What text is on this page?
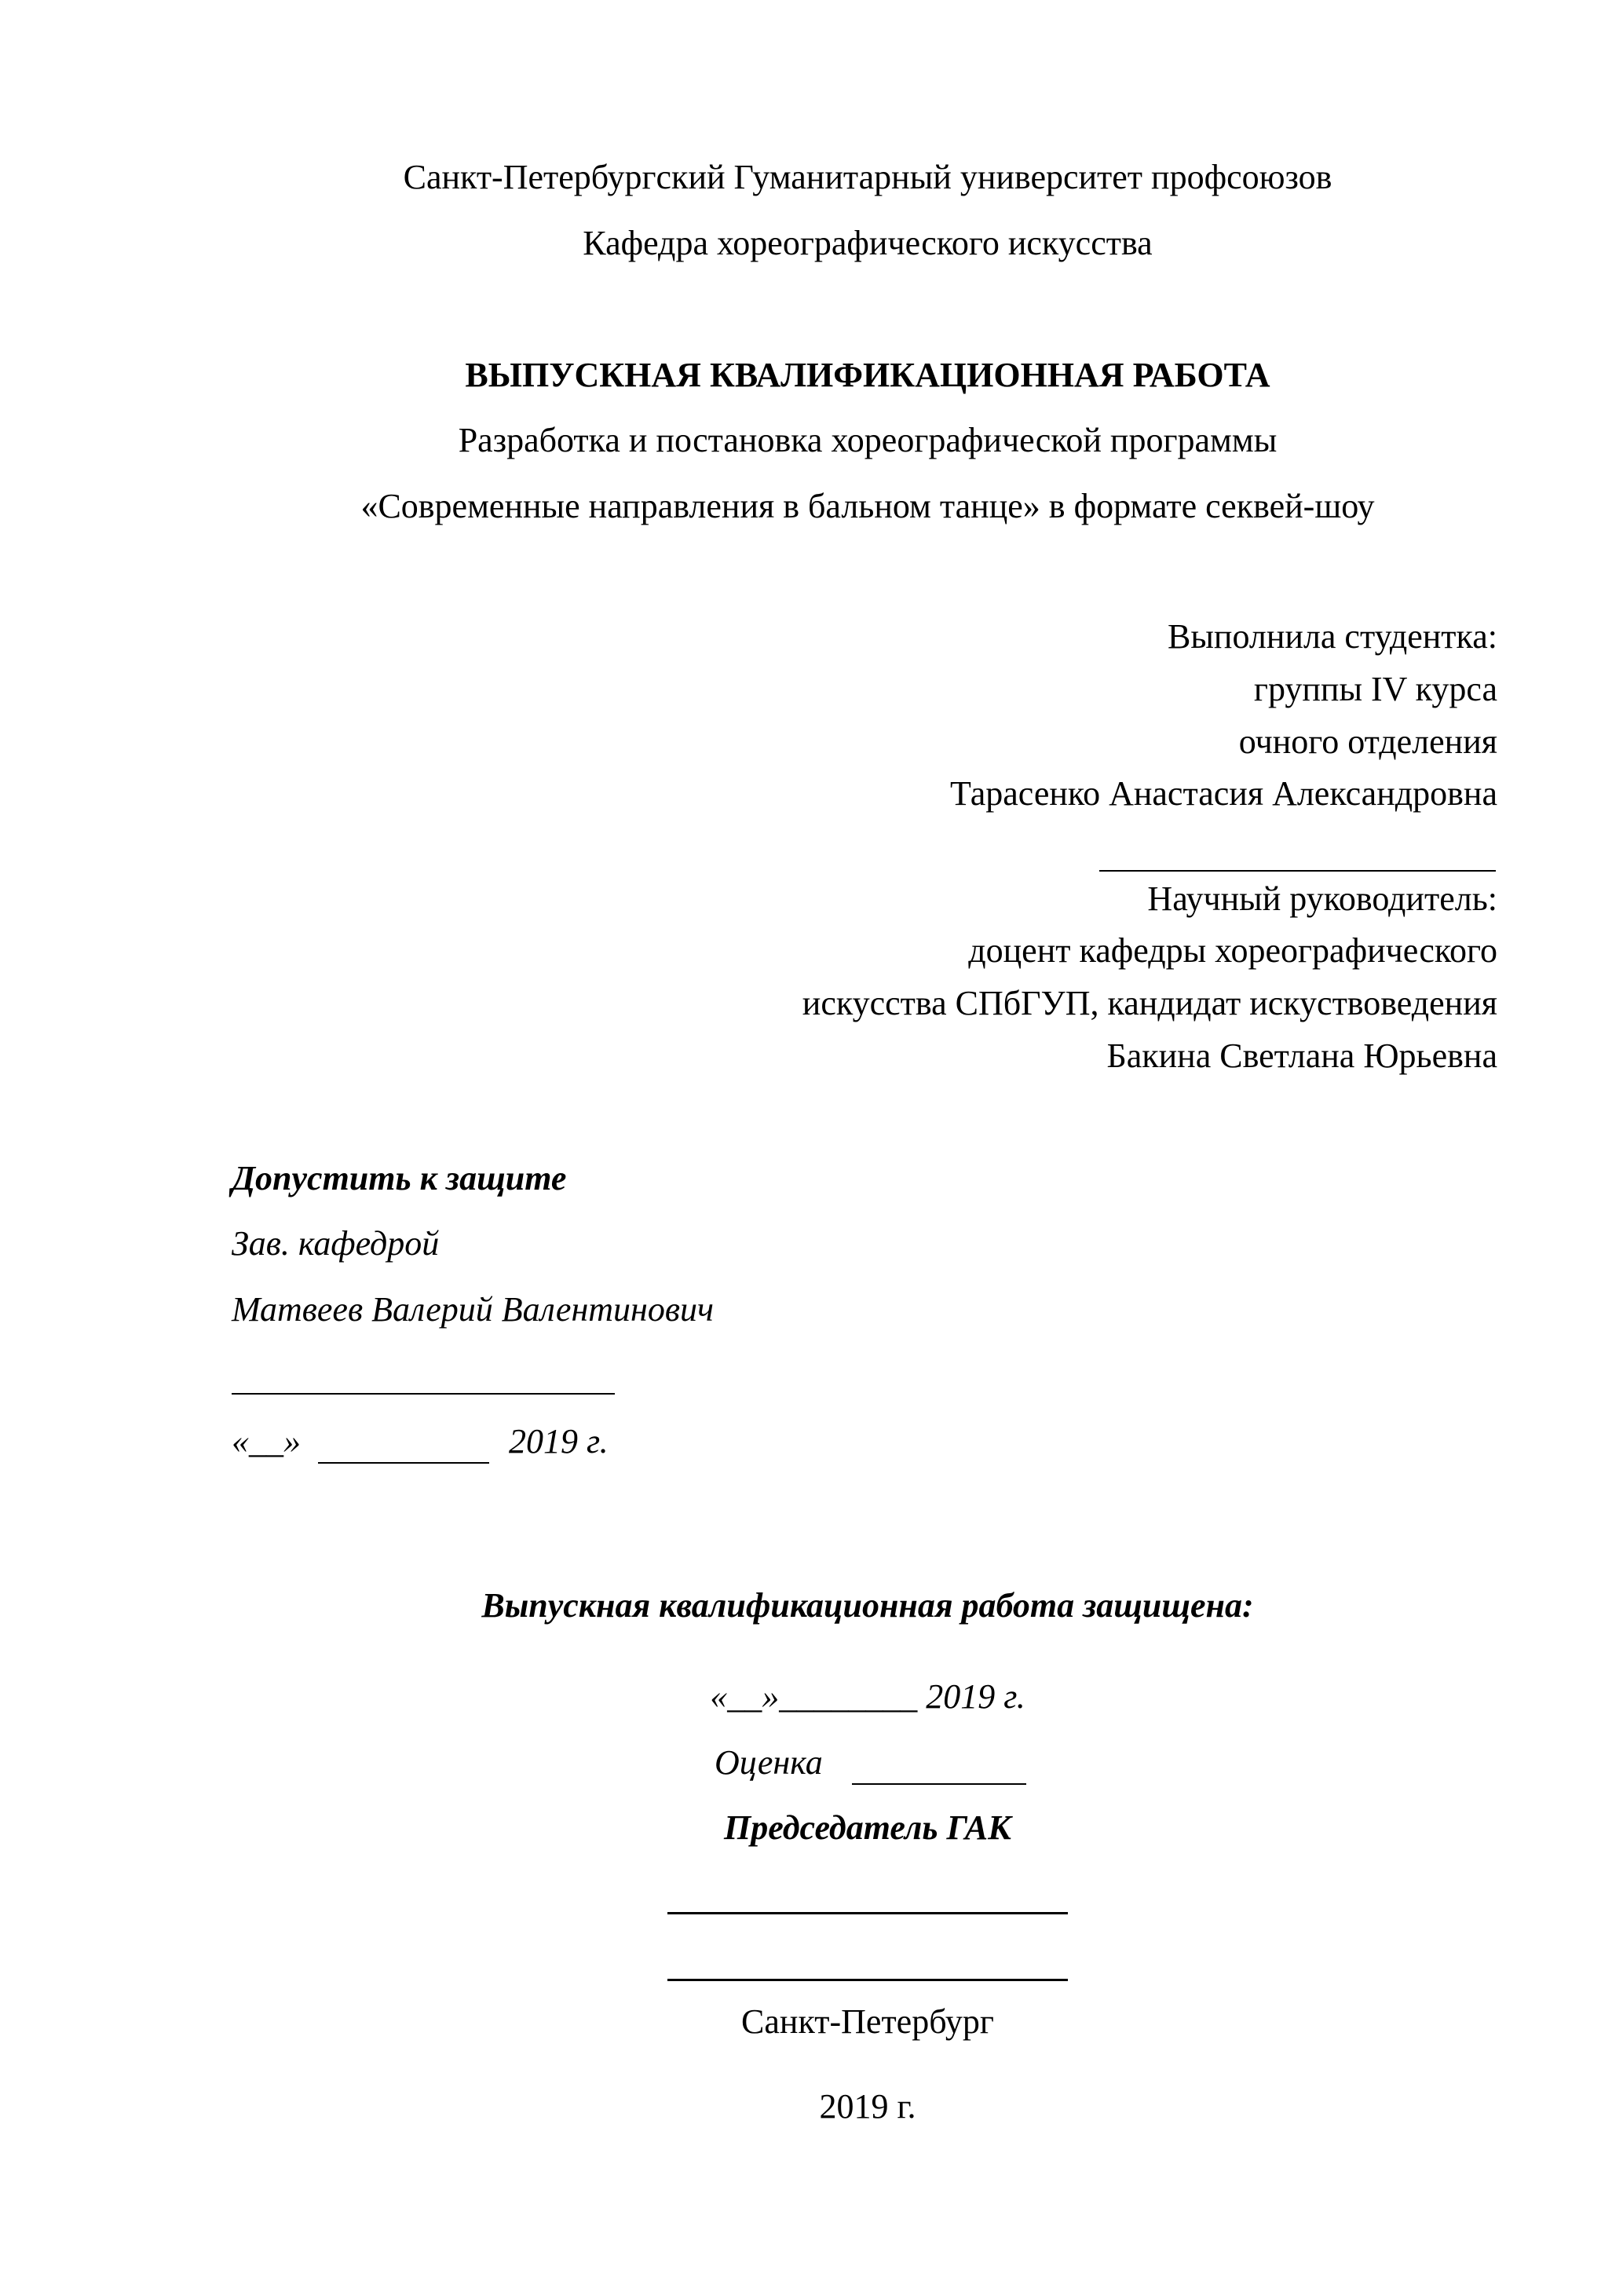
Санкт-Петербургский Гуманитарный университет профсоюзов
Кафедра хореографического искусства
ВЫПУСКНАЯ КВАЛИФИКАЦИОННАЯ РАБОТА
Разработка и постановка хореографической программы
«Современные направления в бальном танце» в формате секвей-шоу
Выполнила студентка:
группы IV курса
очного отделения
Тарасенко Анастасия Александровна
Научный руководитель:
доцент кафедры хореографического
искусства СПбГУП, кандидат искуствоведения
Бакина Светлана Юрьевна
Допустить к защите
Зав. кафедрой
Матвеев Валерий Валентинович
«__»	2019 г.
Выпускная квалификационная работа защищена:
«__»________ 2019 г.
Оценка
Председатель ГАК
Санкт-Петербург
2019 г.
